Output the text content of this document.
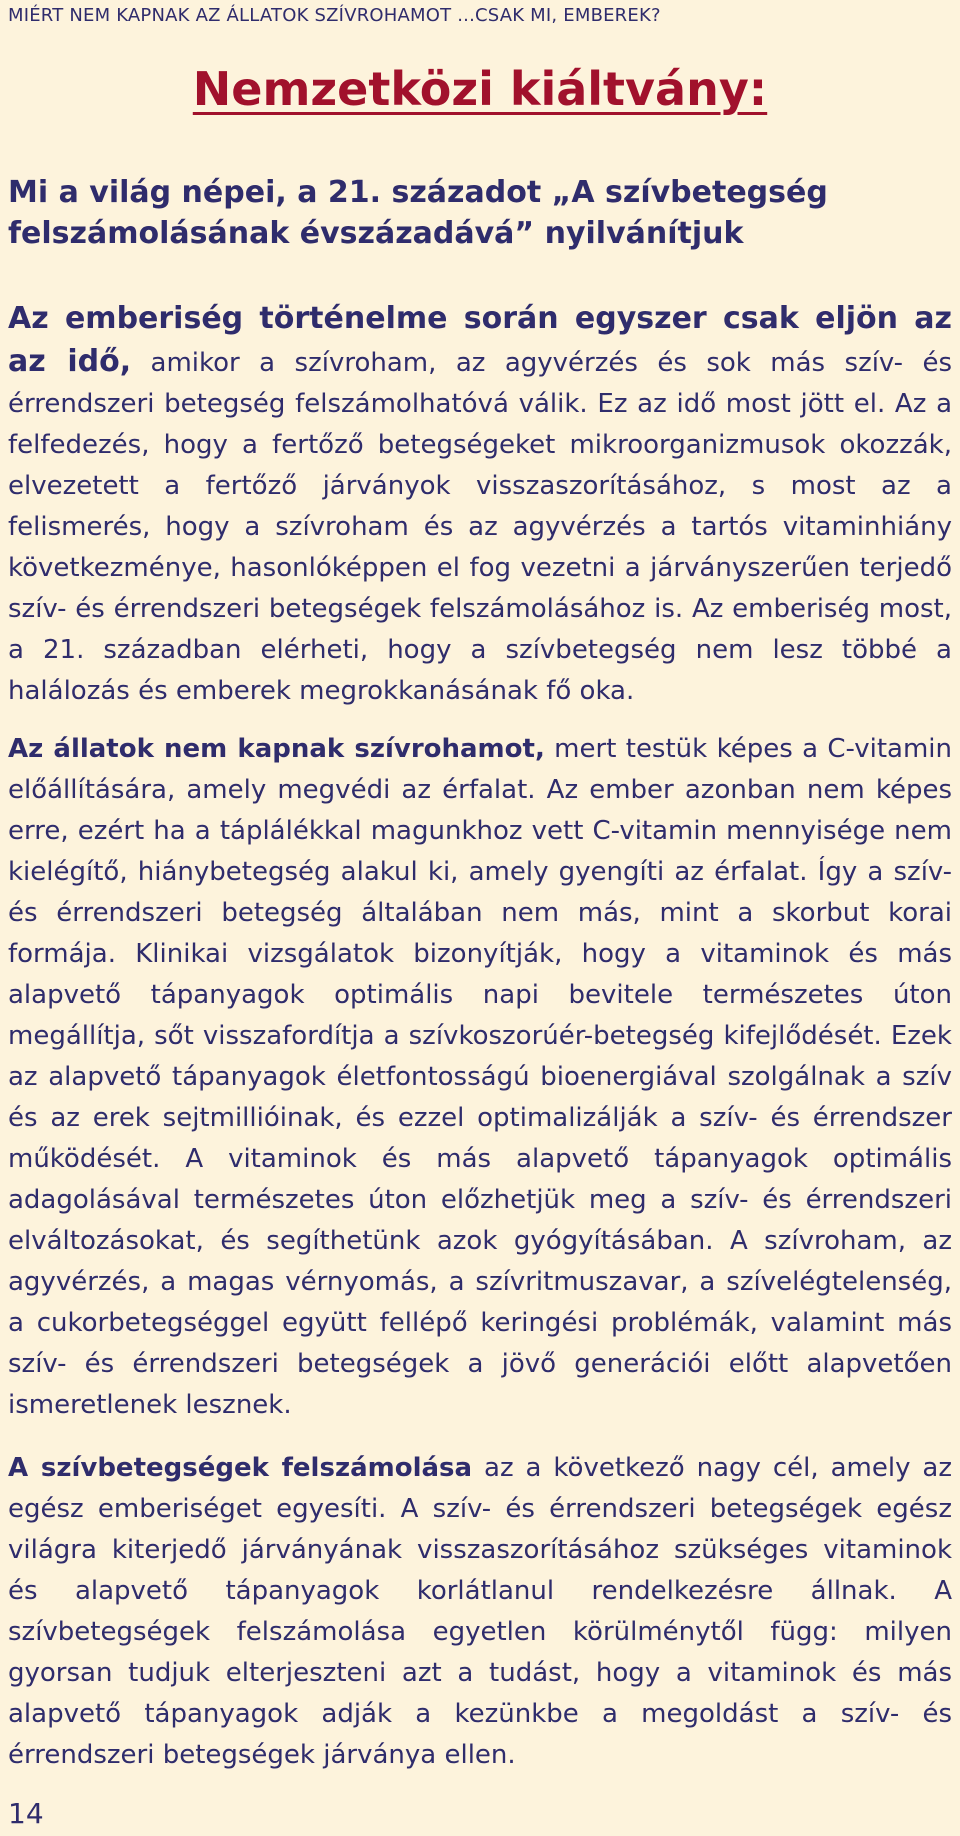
MIÉRT NEM KAPNAK AZ ÁLLATOK SZÍVROHAMOT ...CSAK MI, EMBEREK?
Nemzetközi kiáltvány:
Mi a világ népei, a 21. századot „A szívbetegség felszámolásának évszázadává” nyilvánítjuk
Az emberiség történelme során egyszer csak eljön az az idő, amikor a szívroham, az agyvérzés és sok más szív- és érrendszeri betegség felszámolhatóvá válik. Ez az idő most jött el. Az a felfedezés, hogy a fertőző betegségeket mikroorganizmusok okozzák, elvezetett a fertőző járványok visszaszorításához, s most az a felismerés, hogy a szívroham és az agyvérzés a tartós vitaminhiány következménye, hasonlóképpen el fog vezetni a járványszerűen terjedő szív- és érrendszeri betegségek felszámolásához is. Az emberiség most, a 21. században elérheti, hogy a szívbetegség nem lesz többé a halálozás és emberek megrokkanásának fő oka.
Az állatok nem kapnak szívrohamot, mert testük képes a C-vitamin előállítására, amely megvédi az érfalat. Az ember azonban nem képes erre, ezért ha a táplálékkal magunkhoz vett C-vitamin mennyisége nem kielégítő, hiánybetegség alakul ki, amely gyengíti az érfalat. Így a szív- és érrendszeri betegség általában nem más, mint a skorbut korai formája. Klinikai vizsgálatok bizonyítják, hogy a vitaminok és más alapvető tápanyagok optimális napi bevitele természetes úton megállítja, sőt visszafordítja a szívkoszorúér-betegség kifejlődését. Ezek az alapvető tápanyagok életfontosságú bioenergiával szolgálnak a szív és az erek sejtmillióinak, és ezzel optimalizálják a szív- és érrendszer működését. A vitaminok és más alapvető tápanyagok optimális adagolásával természetes úton előzhetjük meg a szív- és érrendszeri elváltozásokat, és segíthetünk azok gyógyításában. A szívroham, az agyvérzés, a magas vérnyomás, a szívritmuszavar, a szívelégtelenség, a cukorbetegséggel együtt fellépő keringési problémák, valamint más szív- és érrendszeri betegségek a jövő generációi előtt alapvetően ismeretlenek lesznek.
A szívbetegségek felszámolása az a következő nagy cél, amely az egész emberiséget egyesíti. A szív- és érrendszeri betegségek egész világra kiterjedő járványának visszaszorításához szükséges vitaminok és alapvető tápanyagok korlátlanul rendelkezésre állnak. A szívbetegségek felszámolása egyetlen körülménytől függ: milyen gyorsan tudjuk elterjeszteni azt a tudást, hogy a vitaminok és más alapvető tápanyagok adják a kezünkbe a megoldást a szív- és érrendszeri betegségek járványa ellen.
14
